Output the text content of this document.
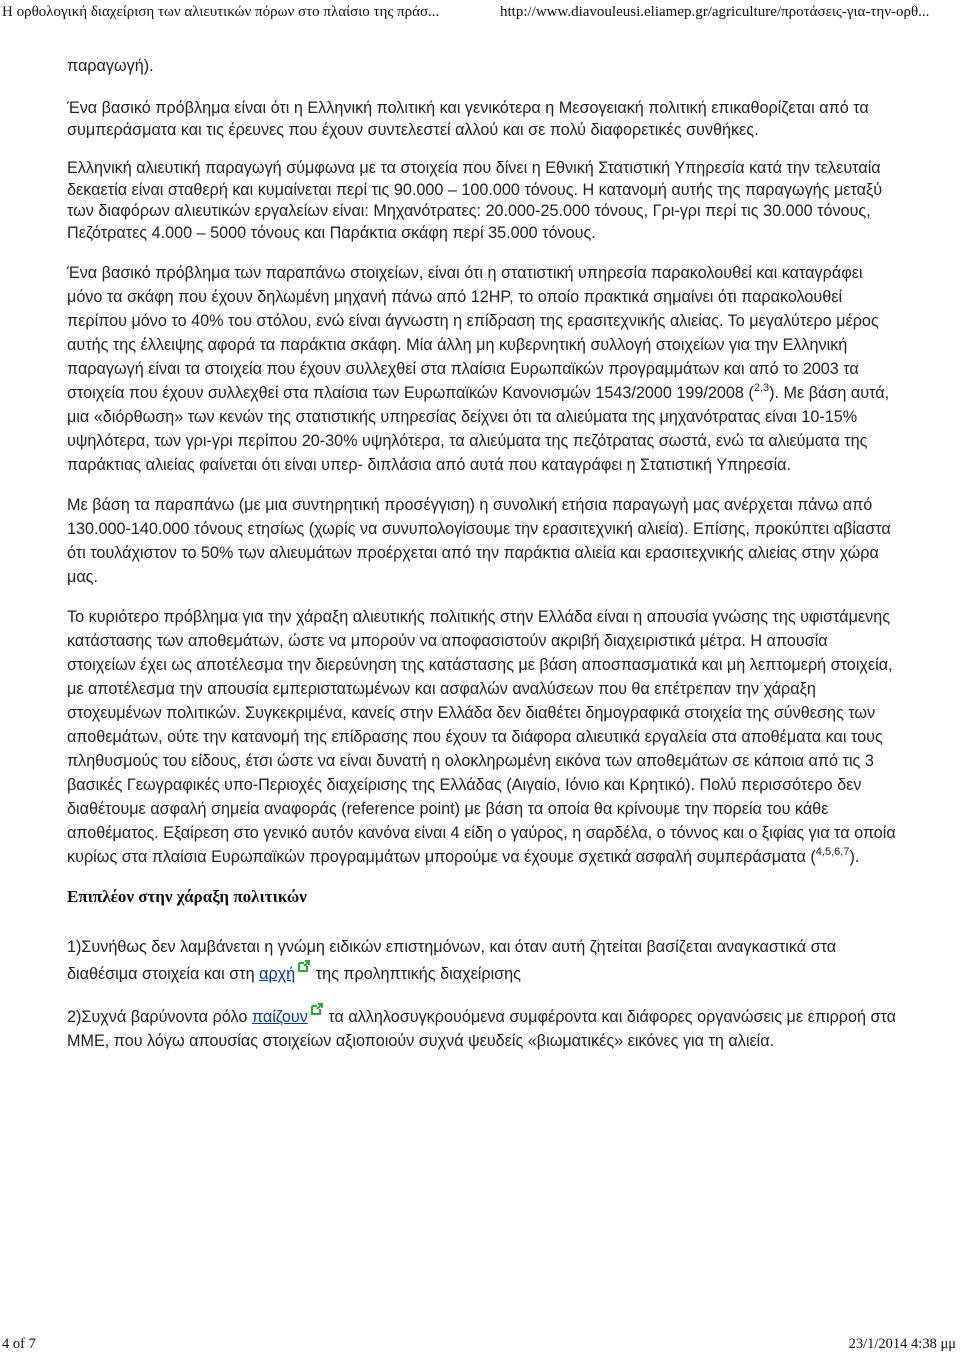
Η ορθολογική διαχείριση των αλιευτικών πόρων στο πλαίσιο της πράσ...	http://www.diavouleusi.eliamep.gr/agriculture/προτάσεις-για-την-ορθ...

παραγωγή).

Ένα βασικό πρόβλημα είναι ότι η Ελληνική πολιτική και γενικότερα η Μεσογειακή πολιτική επικαθορίζεται από τα συμπεράσματα και τις έρευνες που έχουν συντελεστεί αλλού και σε πολύ διαφορετικές συνθήκες.

Ελληνική αλιευτική παραγωγή σύμφωνα με τα στοιχεία που δίνει η Εθνική Στατιστική Υπηρεσία κατά την τελευταία δεκαετία είναι σταθερή και κυμαίνεται περί τις 90.000 – 100.000 τόνους. Η κατανομή αυτής της παραγωγής μεταξύ των διαφόρων αλιευτικών εργαλείων είναι: Μηχανότρατες: 20.000-25.000 τόνους, Γρι-γρι περί τις 30.000 τόνους, Πεζότρατες 4.000 – 5000 τόνους και Παράκτια σκάφη περί 35.000 τόνους.

Ένα βασικό πρόβλημα των παραπάνω στοιχείων, είναι ότι η στατιστική υπηρεσία παρακολουθεί και καταγράφει μόνο τα σκάφη που έχουν δηλωμένη μηχανή πάνω από 12HP, το οποίο πρακτικά σημαίνει ότι παρακολουθεί περίπου μόνο το 40% του στόλου, ενώ είναι άγνωστη η επίδραση της ερασιτεχνικής αλιείας. Το μεγαλύτερο μέρος αυτής της έλλειψης αφορά τα παράκτια σκάφη. Μία άλλη μη κυβερνητική συλλογή στοιχείων για την Ελληνική παραγωγή είναι τα στοιχεία που έχουν συλλεχθεί στα πλαίσια Ευρωπαϊκών προγραμμάτων και από το 2003 τα στοιχεία που έχουν συλλεχθεί στα πλαίσια των Ευρωπαϊκών Κανονισμών 1543/2000 199/2008 ($^{2,3}$). Με βάση αυτά, μια «διόρθωση» των κενών της στατιστικής υπηρεσίας δείχνει ότι τα αλιεύματα της μηχανότρατας είναι 10-15% υψηλότερα, των γρι-γρι περίπου 20-30% υψηλότερα, τα αλιεύματα της πεζότρατας σωστά, ενώ τα αλιεύματα της παράκτιας αλιείας φαίνεται ότι είναι υπερ- διπλάσια από αυτά που καταγράφει η Στατιστική Υπηρεσία.

Με βάση τα παραπάνω (με μια συντηρητική προσέγγιση) η συνολική ετήσια παραγωγή μας ανέρχεται πάνω από 130.000-140.000 τόνους ετησίως (χωρίς να συνυπολογίσουμε την ερασιτεχνική αλιεία). Επίσης, προκύπτει αβίαστα ότι τουλάχιστον το 50% των αλιευμάτων προέρχεται από την παράκτια αλιεία και ερασιτεχνικής αλιείας στην χώρα μας.

Το κυριότερο πρόβλημα για την χάραξη αλιευτικής πολιτικής στην Ελλάδα είναι η απουσία γνώσης της υφιστάμενης κατάστασης των αποθεμάτων, ώστε να μπορούν να αποφασιστούν ακριβή διαχειριστικά μέτρα. Η απουσία στοιχείων έχει ως αποτέλεσμα την διερεύνηση της κατάστασης με βάση αποσπασματικά και μη λεπτομερή στοιχεία, με αποτέλεσμα την απουσία εμπεριστατωμένων και ασφαλών αναλύσεων που θα επέτρεπαν την χάραξη στοχευμένων πολιτικών. Συγκεκριμένα, κανείς στην Ελλάδα δεν διαθέτει δημογραφικά στοιχεία της σύνθεσης των αποθεμάτων, ούτε την κατανομή της επίδρασης που έχουν τα διάφορα αλιευτικά εργαλεία στα αποθέματα και τους πληθυσμούς του είδους, έτσι ώστε να είναι δυνατή η ολοκληρωμένη εικόνα των αποθεμάτων σε κάποια από τις 3 βασικές Γεωγραφικές υπο-Περιοχές διαχείρισης της Ελλάδας (Αιγαίο, Ιόνιο και Κρητικό). Πολύ περισσότερο δεν διαθέτουμε ασφαλή σημεία αναφοράς (reference point) με βάση τα οποία θα κρίνουμε την πορεία του κάθε αποθέματος. Εξαίρεση στο γενικό αυτόν κανόνα είναι 4 είδη ο γαύρος, η σαρδέλα, ο τόννος και ο ξιφίας για τα οποία κυρίως στα πλαίσια Ευρωπαϊκών προγραμμάτων μπορούμε να έχουμε σχετικά ασφαλή συμπεράσματα ($^{4,5,6,7}$).

Επιπλέον στην χάραξη πολιτικών

1)Συνήθως δεν λαμβάνεται η γνώμη ειδικών επιστημόνων, και όταν αυτή ζητείται βασίζεται αναγκαστικά στα διαθέσιμα στοιχεία και στη αρχή της προληπτικής διαχείρισης

2)Συχνά βαρύνοντα ρόλο παίζουν τα αλληλοσυγκρουόμενα συμφέροντα και διάφορες οργανώσεις με επιρροή στα ΜΜΕ, που λόγω απουσίας στοιχείων αξιοποιούν συχνά ψευδείς «βιωματικές» εικόνες για τη αλιεία.

4 of 7	23/1/2014 4:38 μμ
